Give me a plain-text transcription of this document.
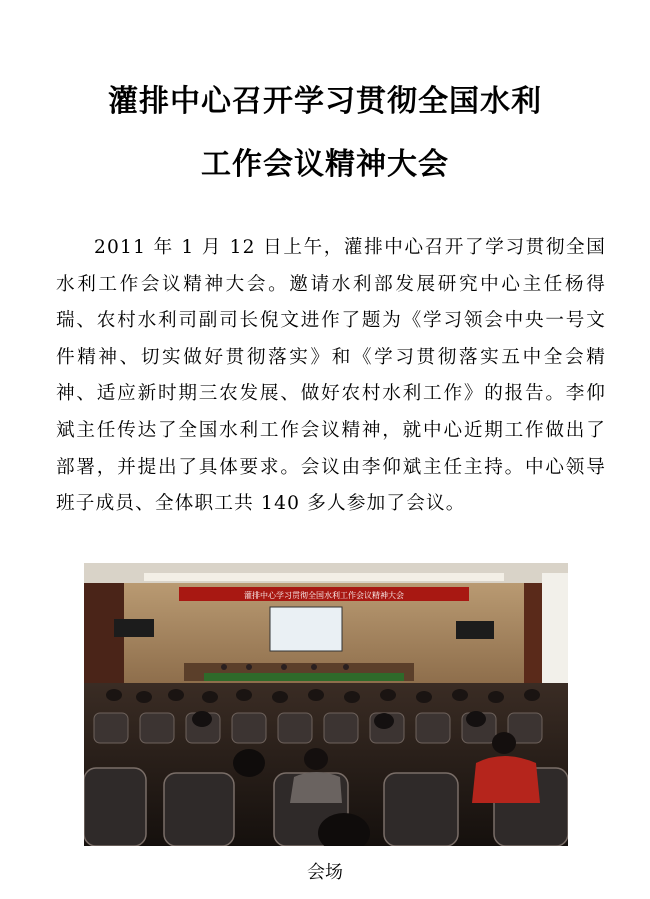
灌排中心召开学习贯彻全国水利
工作会议精神大会
2011 年 1 月 12 日上午，灌排中心召开了学习贯彻全国水利工作会议精神大会。邀请水利部发展研究中心主任杨得瑞、农村水利司副司长倪文进作了题为《学习领会中央一号文件精神、切实做好贯彻落实》和《学习贯彻落实五中全会精神、适应新时期三农发展、做好农村水利工作》的报告。李仰斌主任传达了全国水利工作会议精神，就中心近期工作做出了部署，并提出了具体要求。会议由李仰斌主任主持。中心领导班子成员、全体职工共 140 多人参加了会议。
灌排中心学习贯彻全国水利工作会议精神大会
会场
